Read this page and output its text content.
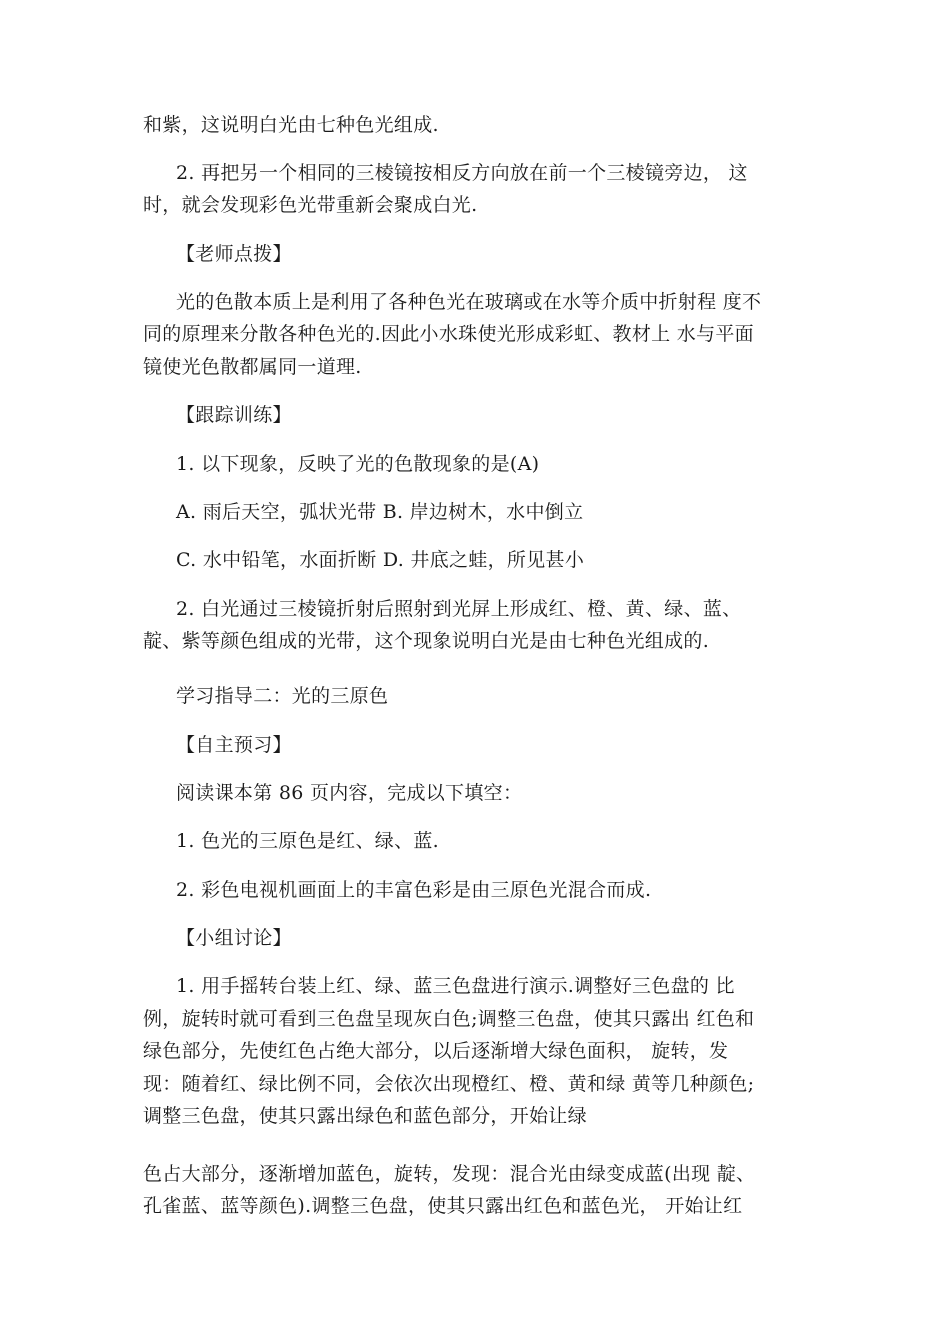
和紫，这说明白光由七种色光组成.
2. 再把另一个相同的三棱镜按相反方向放在前一个三棱镜旁边， 这
时，就会发现彩色光带重新会聚成白光.
【老师点拨】
光的色散本质上是利用了各种色光在玻璃或在水等介质中折射程 度不
同的原理来分散各种色光的.因此小水珠使光形成彩虹、教材上 水与平面
镜使光色散都属同一道理.
【跟踪训练】
1. 以下现象，反映了光的色散现象的是(A)
A. 雨后天空，弧状光带 B. 岸边树木，水中倒立
C. 水中铅笔，水面折断 D. 井底之蛙，所见甚小
2. 白光通过三棱镜折射后照射到光屏上形成红、橙、黄、绿、蓝、
靛、紫等颜色组成的光带，这个现象说明白光是由七种色光组成的.
学习指导二：光的三原色
【自主预习】
阅读课本第 86 页内容，完成以下填空：
1. 色光的三原色是红、绿、蓝.
2. 彩色电视机画面上的丰富色彩是由三原色光混合而成.
【小组讨论】
1. 用手摇转台装上红、绿、蓝三色盘进行演示.调整好三色盘的 比
例，旋转时就可看到三色盘呈现灰白色;调整三色盘，使其只露出 红色和
绿色部分，先使红色占绝大部分，以后逐渐增大绿色面积， 旋转，发
现：随着红、绿比例不同，会依次出现橙红、橙、黄和绿 黄等几种颜色;
调整三色盘，使其只露出绿色和蓝色部分，开始让绿
色占大部分，逐渐增加蓝色，旋转，发现：混合光由绿变成蓝(出现 靛、
孔雀蓝、蓝等颜色).调整三色盘，使其只露出红色和蓝色光， 开始让红
